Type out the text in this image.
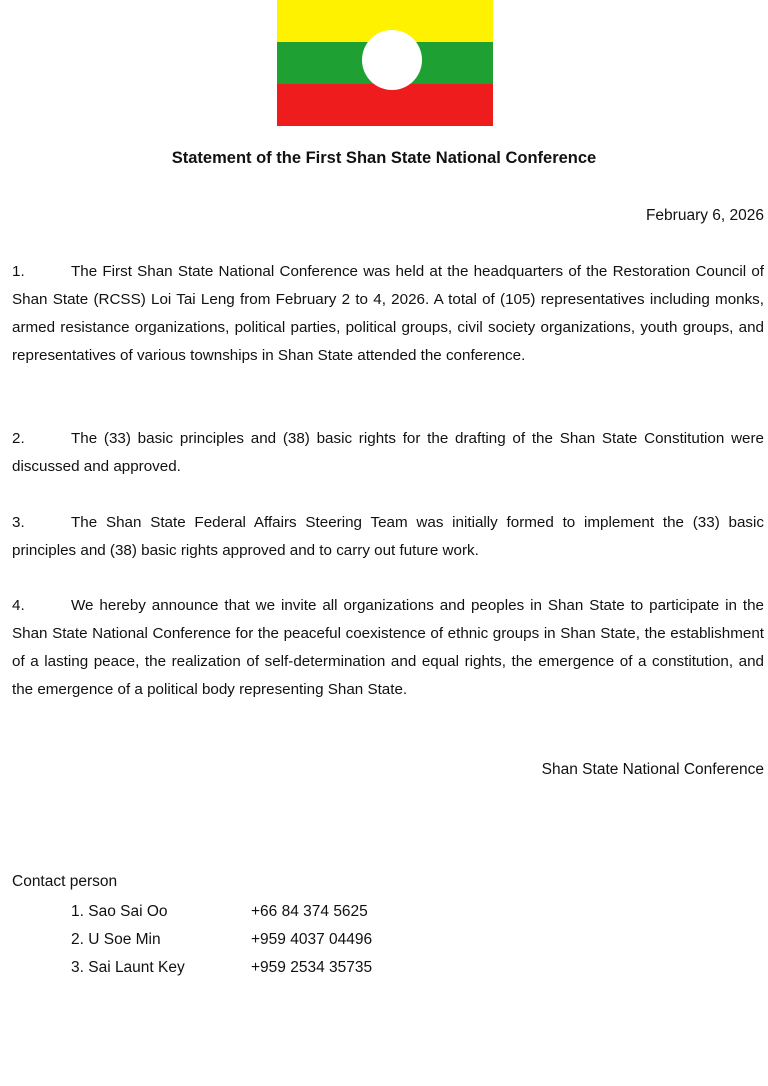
Statement of the First Shan State National Conference
February 6, 2026

1.	The First Shan State National Conference was held at the headquarters of the Restoration Council of Shan State (RCSS) Loi Tai Leng from February 2 to 4, 2026. A total of (105) representatives including monks, armed resistance organizations, political parties, political groups, civil society organizations, youth groups, and representatives of various townships in Shan State attended the conference.

2.	The (33) basic principles and (38) basic rights for the drafting of the Shan State Constitution were discussed and approved.

3.	The Shan State Federal Affairs Steering Team was initially formed to implement the (33) basic principles and (38) basic rights approved and to carry out future work.

4.	We hereby announce that we invite all organizations and peoples in Shan State to participate in the Shan State National Conference for the peaceful coexistence of ethnic groups in Shan State, the establishment of a lasting peace, the realization of self-determination and equal rights, the emergence of a constitution, and the emergence of a political body representing Shan State.

Shan State National Conference
Contact person
1. Sao Sai Oo	+66 84 374 5625
2. U Soe Min	+959 4037 04496
3. Sai Launt Key	+959 2534 35735
